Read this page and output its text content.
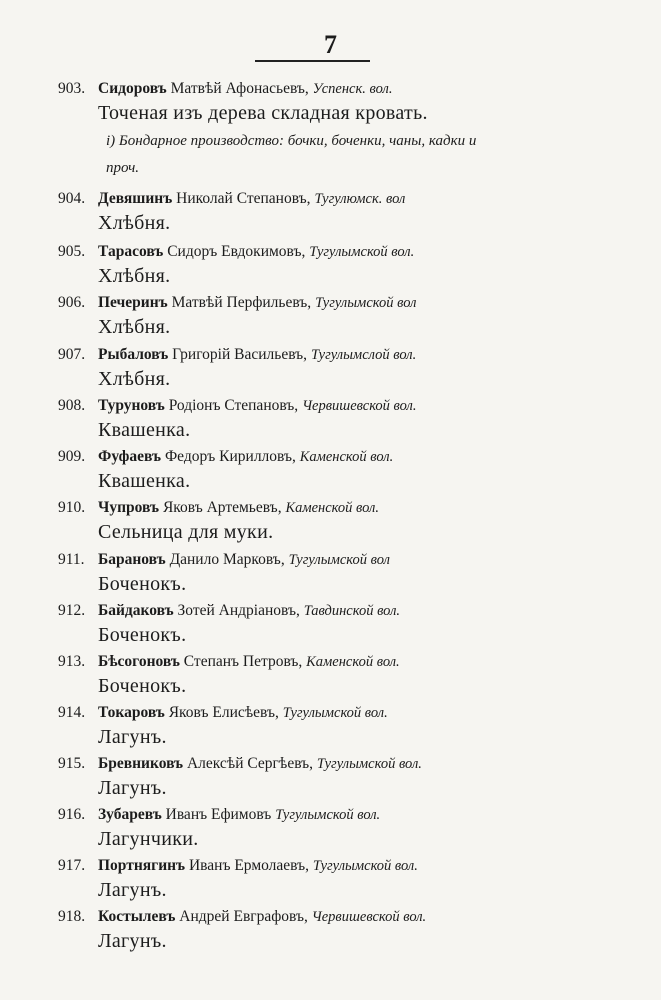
7
903. Сидоровъ Матвѣй Афонасьевъ, Успенск. вол.
Точеная изъ дерева складная кровать.
і) Бондарное производство: бочки, боченки, чаны, кадки и
проч.
904. Девяшинъ Николай Степановъ, Тугулюмск. вол
Хлѣбня.
905. Тарасовъ Сидоръ Евдокимовъ, Тугулымской вол.
Хлѣбня.
906. Печеринъ Матвѣй Перфильевъ, Тугулымской вол
Хлѣбня.
907. Рыбаловъ Григорій Васильевъ, Тугулымслой вол.
Хлѣбня.
908. Туруновъ Родіонъ Степановъ, Червишевской вол.
Квашенка.
909. Фуфаевъ Федоръ Кирилловъ, Каменской вол.
Квашенка.
910. Чупровъ Яковъ Артемьевъ, Каменской вол.
Сельница для муки.
911. Барановъ Данило Марковъ, Тугулымской вол
Боченокъ.
912. Байдаковъ Зотей Андріановъ, Тавдинской вол.
Боченокъ.
913. Бѣсогоновъ Степанъ Петровъ, Каменской вол.
Боченокъ.
914. Токаровъ Яковъ Елисѣевъ, Тугулымской вол.
Лагунъ.
915. Бревниковъ Алексѣй Сергѣевъ, Тугулымской вол.
Лагунъ.
916. Зубаревъ Иванъ Ефимовъ Тугулымской вол.
Лагунчики.
917. Портнягинъ Иванъ Ермолаевъ, Тугулымской вол.
Лагунъ.
918. Костылевъ Андрей Евграфовъ, Червишевской вол.
Лагунъ.
